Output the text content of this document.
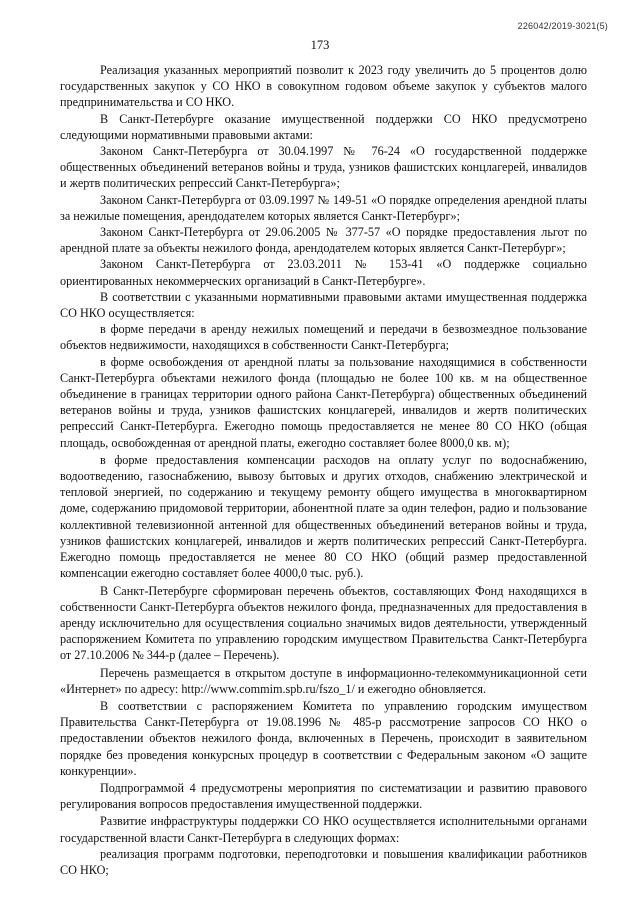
226042/2019-3021(5)
173

Реализация указанных мероприятий позволит к 2023 году увеличить до 5 процентов долю государственных закупок у СО НКО в совокупном годовом объеме закупок у субъектов малого предпринимательства и СО НКО.

В Санкт-Петербурге оказание имущественной поддержки СО НКО предусмотрено следующими нормативными правовыми актами:

Законом Санкт-Петербурга от 30.04.1997 № 76-24 «О государственной поддержке общественных объединений ветеранов войны и труда, узников фашистских концлагерей, инвалидов и жертв политических репрессий Санкт-Петербурга»;

Законом Санкт-Петербурга от 03.09.1997 № 149-51 «О порядке определения арендной платы за нежилые помещения, арендодателем которых является Санкт-Петербург»;

Законом Санкт-Петербурга от 29.06.2005 № 377-57 «О порядке предоставления льгот по арендной плате за объекты нежилого фонда, арендодателем которых является Санкт-Петербург»;

Законом Санкт-Петербурга от 23.03.2011 № 153-41 «О поддержке социально ориентированных некоммерческих организаций в Санкт-Петербурге».

В соответствии с указанными нормативными правовыми актами имущественная поддержка СО НКО осуществляется:

в форме передачи в аренду нежилых помещений и передачи в безвозмездное пользование объектов недвижимости, находящихся в собственности Санкт-Петербурга;

в форме освобождения от арендной платы за пользование находящимися в собственности Санкт-Петербурга объектами нежилого фонда (площадью не более 100 кв. м на общественное объединение в границах территории одного района Санкт-Петербурга) общественных объединений ветеранов войны и труда, узников фашистских концлагерей, инвалидов и жертв политических репрессий Санкт-Петербурга. Ежегодно помощь предоставляется не менее 80 СО НКО (общая площадь, освобожденная от арендной платы, ежегодно составляет более 8000,0 кв. м);

в форме предоставления компенсации расходов на оплату услуг по водоснабжению, водоотведению, газоснабжению, вывозу бытовых и других отходов, снабжению электрической и тепловой энергией, по содержанию и текущему ремонту общего имущества в многоквартирном доме, содержанию придомовой территории, абонентной плате за один телефон, радио и пользование коллективной телевизионной антенной для общественных объединений ветеранов войны и труда, узников фашистских концлагерей, инвалидов и жертв политических репрессий Санкт-Петербурга. Ежегодно помощь предоставляется не менее 80 СО НКО (общий размер предоставленной компенсации ежегодно составляет более 4000,0 тыс. руб.).

В Санкт-Петербурге сформирован перечень объектов, составляющих Фонд находящихся в собственности Санкт-Петербурга объектов нежилого фонда, предназначенных для предоставления в аренду исключительно для осуществления социально значимых видов деятельности, утвержденный распоряжением Комитета по управлению городским имуществом Правительства Санкт-Петербурга от 27.10.2006 № 344-р (далее – Перечень).

Перечень размещается в открытом доступе в информационно-телекоммуникационной сети «Интернет» по адресу: http://www.commim.spb.ru/fszo_1/ и ежегодно обновляется.

В соответствии с распоряжением Комитета по управлению городским имуществом Правительства Санкт-Петербурга от 19.08.1996 № 485-р рассмотрение запросов СО НКО о предоставлении объектов нежилого фонда, включенных в Перечень, происходит в заявительном порядке без проведения конкурсных процедур в соответствии с Федеральным законом «О защите конкуренции».

Подпрограммой 4 предусмотрены мероприятия по систематизации и развитию правового регулирования вопросов предоставления имущественной поддержки.

Развитие инфраструктуры поддержки СО НКО осуществляется исполнительными органами государственной власти Санкт-Петербурга в следующих формах:

реализация программ подготовки, переподготовки и повышения квалификации работников СО НКО;
